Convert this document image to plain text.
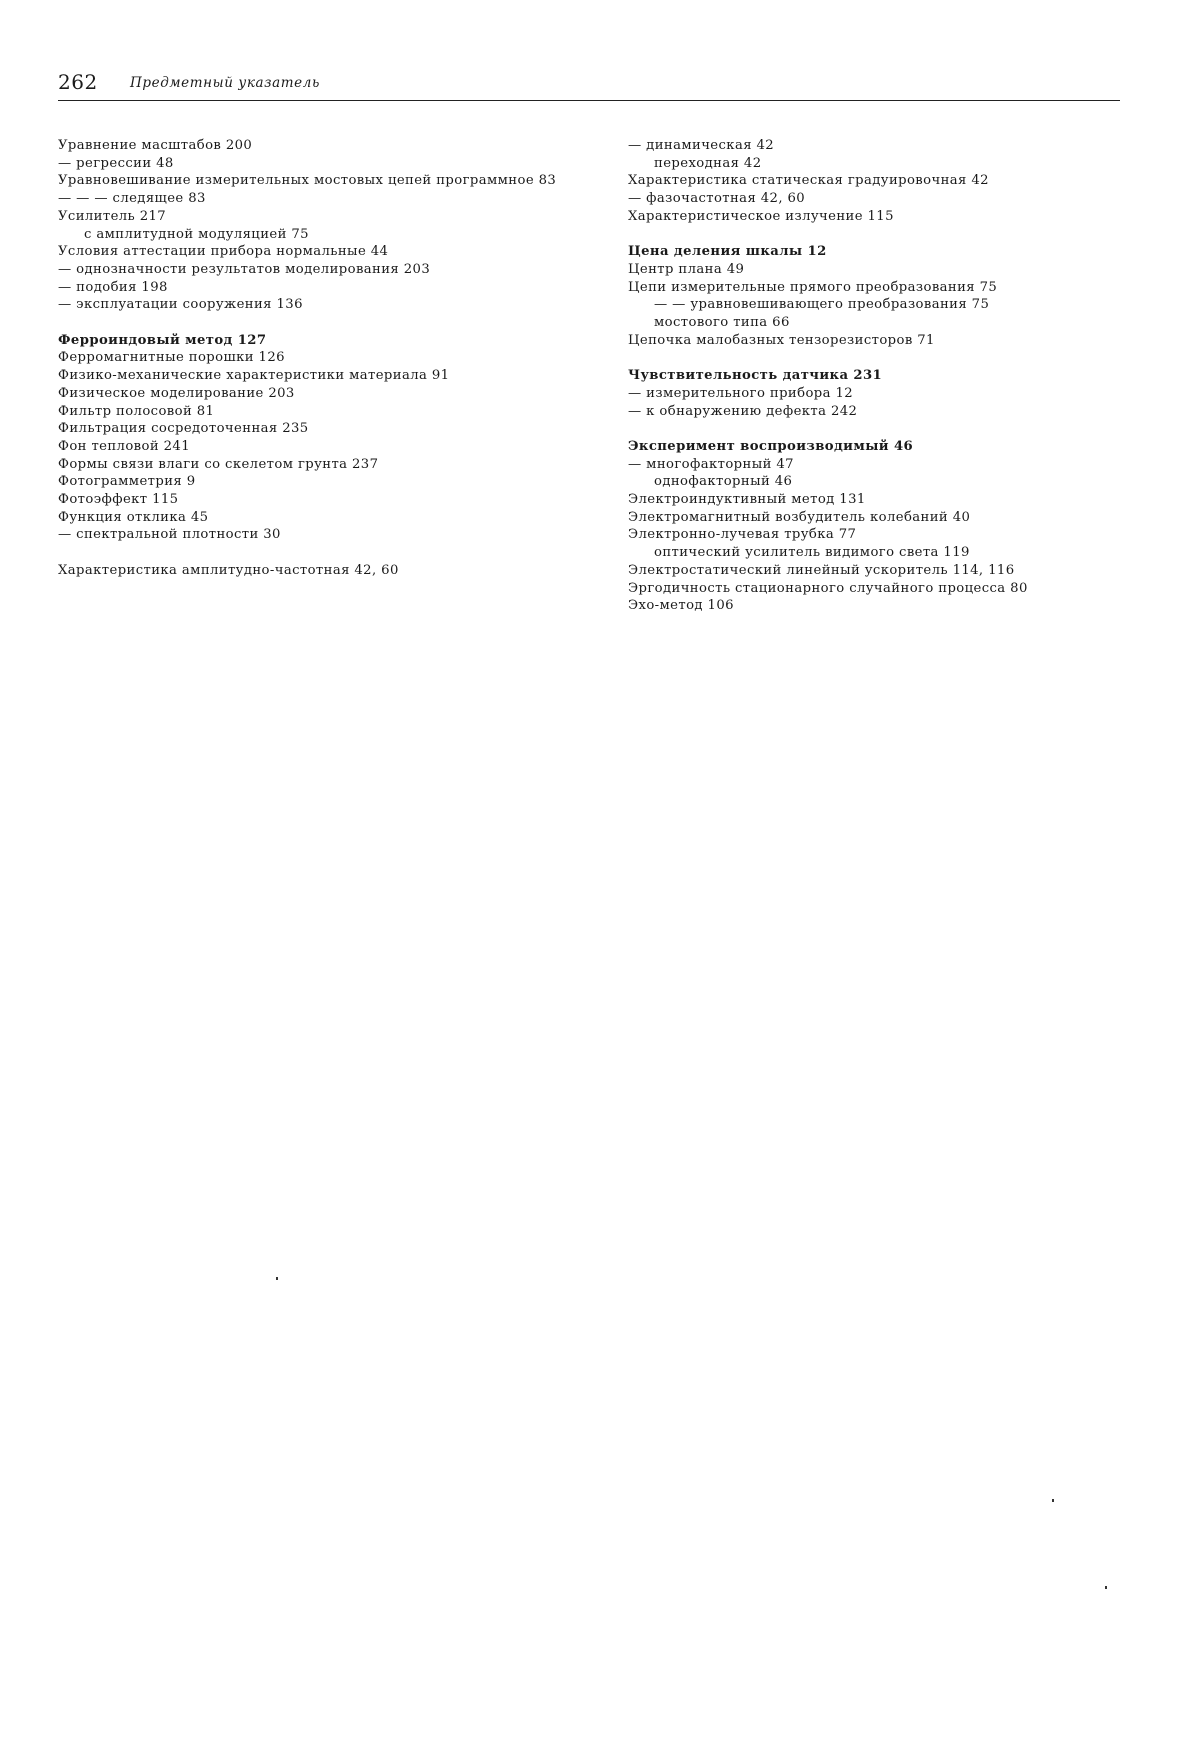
262 Предметный указатель
Уравнение масштабов 200
— регрессии 48
Уравновешивание измерительных мостовых цепей программное 83
— — — следящее 83
Усилитель 217
с амплитудной модуляцией 75
Условия аттестации прибора нормальные 44
— однозначности результатов моделирования 203
— подобия 198
— эксплуатации сооружения 136
Ферроиндовый метод 127
Ферромагнитные порошки 126
Физико-механические характеристики материала 91
Физическое моделирование 203
Фильтр полосовой 81
Фильтрация сосредоточенная 235
Фон тепловой 241
Формы связи влаги со скелетом грунта 237
Фотограмметрия 9
Фотоэффект 115
Функция отклика 45
— спектральной плотности 30
Характеристика амплитудно-частотная 42, 60
— динамическая 42
переходная 42
Характеристика статическая градуировочная 42
— фазочастотная 42, 60
Характеристическое излучение 115
Цена деления шкалы 12
Центр плана 49
Цепи измерительные прямого преобразования 75
— — уравновешивающего преобразования 75
мостового типа 66
Цепочка малобазных тензорезисторов 71
Чувствительность датчика 231
— измерительного прибора 12
— к обнаружению дефекта 242
Эксперимент воспроизводимый 46
— многофакторный 47
однофакторный 46
Электроиндуктивный метод 131
Электромагнитный возбудитель колебаний 40
Электронно-лучевая трубка 77
оптический усилитель видимого света 119
Электростатический линейный ускоритель 114, 116
Эргодичность стационарного случайного процесса 80
Эхо-метод 106
